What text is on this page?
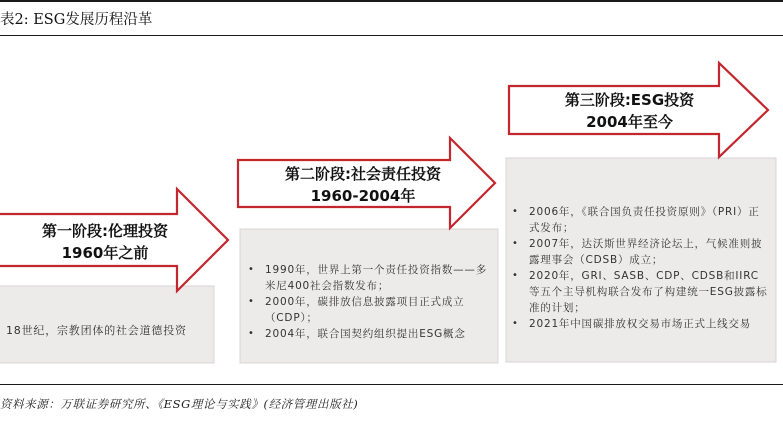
表2: ESG发展历程沿革
第一阶段:伦理投资
1960年之前
第二阶段:社会责任投资
1960-2004年
第三阶段:ESG投资
2004年至今
18世纪，宗教团体的社会道德投资
• 1990年，世界上第一个责任投资指数——多米尼400社会指数发布；
• 2000年，碳排放信息披露项目正式成立（CDP）；
• 2004年，联合国契约组织提出ESG概念
• 2006年，《联合国负责任投资原则》（PRI）正式发布；
• 2007年，达沃斯世界经济论坛上，气候准则披露理事会（CDSB）成立；
• 2020年，GRI、SASB、CDP、CDSB和IIRC等五个主导机构联合发布了构建统一ESG披露标准的计划；
• 2021年中国碳排放权交易市场正式上线交易
资料来源：万联证券研究所、《ESG理论与实践》(经济管理出版社)
